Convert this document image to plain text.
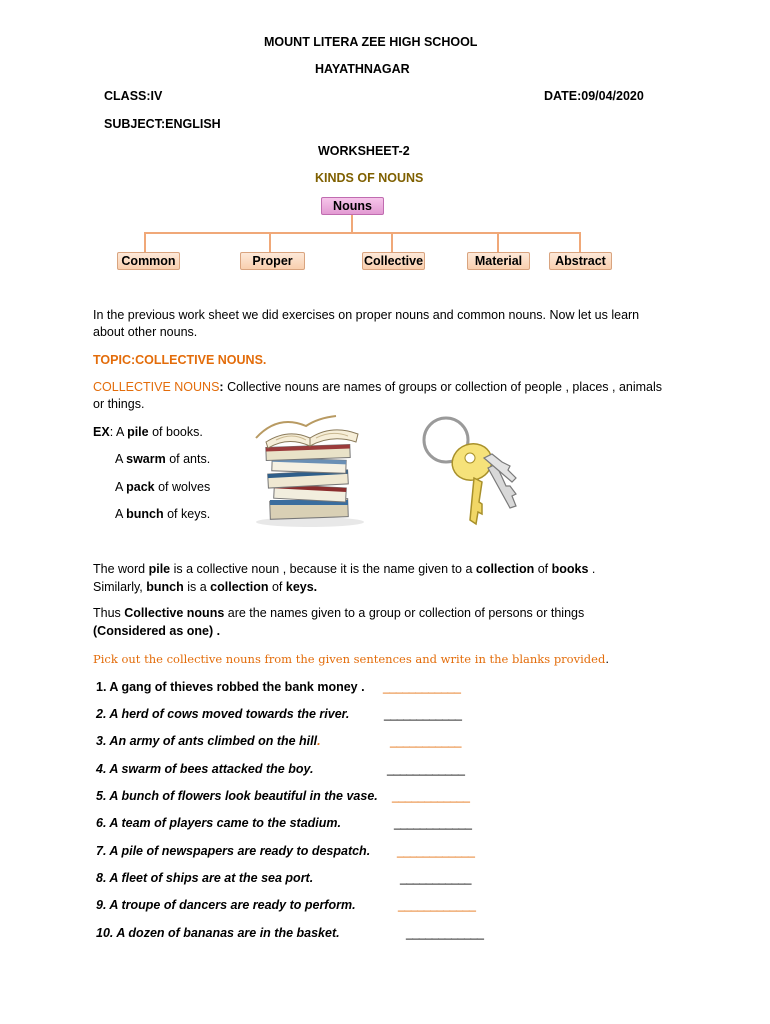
MOUNT LITERA ZEE HIGH SCHOOL
HAYATHNAGAR
CLASS:IV	DATE:09/04/2020
SUBJECT:ENGLISH
WORKSHEET-2
KINDS OF NOUNS
Nouns
Common	Proper	Collective	Material	Abstract
In the previous work sheet we did exercises on proper nouns and common nouns. Now let us learn
about other nouns.
TOPIC:COLLECTIVE NOUNS.
COLLECTIVE NOUNS: Collective nouns are names of groups or collection of people , places , animals
or things.
EX: A pile of books.
A swarm of ants.
A pack of wolves
A bunch of keys.
The word pile is a collective noun , because it is the name given to a collection of books .
Similarly, bunch is a collection of keys.
Thus Collective nouns are the names given to a group or collection of persons or things
(Considered as one) .
Pick out the collective nouns from the given sentences and write in the blanks provided.
1. A gang of thieves robbed the bank money . ____________
2. A herd of cows moved towards the river.	____________
3. An army of ants climbed on the hill.	___________
4. A swarm of bees attacked the boy.	____________
5. A bunch of flowers look beautiful in the vase. ____________
6. A team of players came to the stadium.	____________
7. A pile of newspapers are ready to despatch. ____________
8. A fleet of ships are at the sea port.	___________
9. A troupe of dancers are ready to perform.	____________
10. A dozen of bananas are in the basket.	____________
